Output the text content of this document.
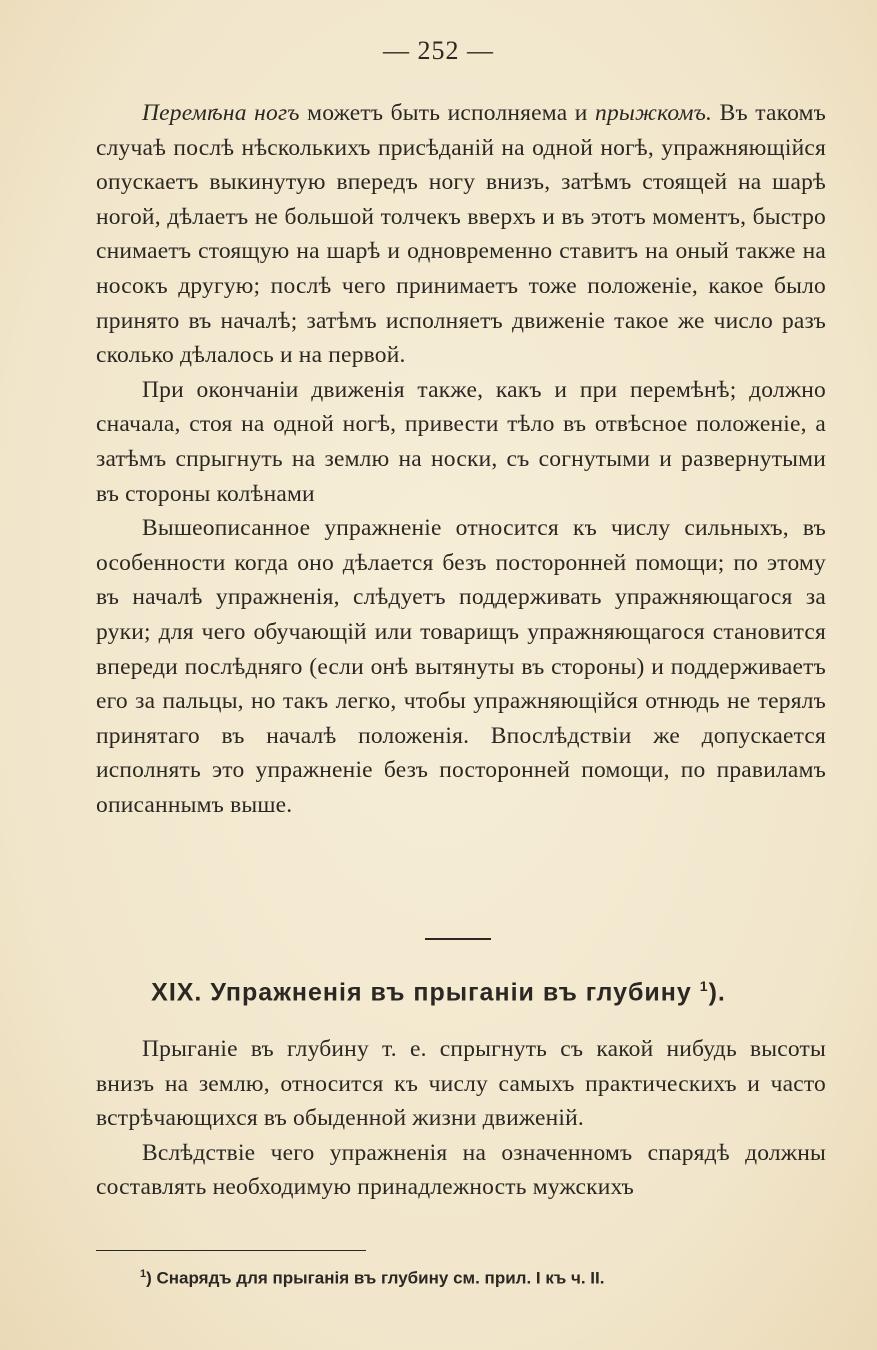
— 252 —

Перемѣна ногъ можетъ быть исполняема и прыжкомъ. Въ такомъ случаѣ послѣ нѣсколькихъ присѣданій на одной ногѣ, упражняющійся опускаетъ выкинутую впередъ ногу внизъ, затѣмъ стоящей на шарѣ ногой, дѣлаетъ не большой толчекъ вверхъ и въ этотъ моментъ, быстро снимаетъ стоящую на шарѣ и одновременно ставитъ на оный также на носокъ другую; послѣ чего принимаетъ тоже положеніе, какое было принято въ началѣ; затѣмъ исполняетъ движеніе такое же число разъ сколько дѣлалось и на первой.

При окончаніи движенія также, какъ и при перемѣнѣ; должно сначала, стоя на одной ногѣ, привести тѣло въ отвѣсное положеніе, а затѣмъ спрыгнуть на землю на носки, съ согнутыми и развернутыми въ стороны колѣнами

Вышеописанное упражненіе относится къ числу сильныхъ, въ особенности когда оно дѣлается безъ посторонней помощи; по этому въ началѣ упражненія, слѣдуетъ поддерживать упражняющагося за руки; для чего обучающій или товарищъ упражняющагося становится впереди послѣдняго (если онѣ вытянуты въ стороны) и поддерживаетъ его за пальцы, но такъ легко, чтобы упражняющійся отнюдь не терялъ принятаго въ началѣ положенія. Впослѣдствіи же допускается исполнять это упражненіе безъ посторонней помощи, по правиламъ описаннымъ выше.

XIX. Упражненія въ прыганіи въ глубину $^1$).

Прыганіе въ глубину т. е. спрыгнуть съ какой нибудь высоты внизъ на землю, относится къ числу самыхъ практическихъ и часто встрѣчающихся въ обыденной жизни движеній.

Вслѣдствіе чего упражненія на означенномъ спарядѣ должны составлять необходимую принадлежность мужскихъ

$^1$) Снарядъ для прыганія въ глубину см. прил. I къ ч. II.
